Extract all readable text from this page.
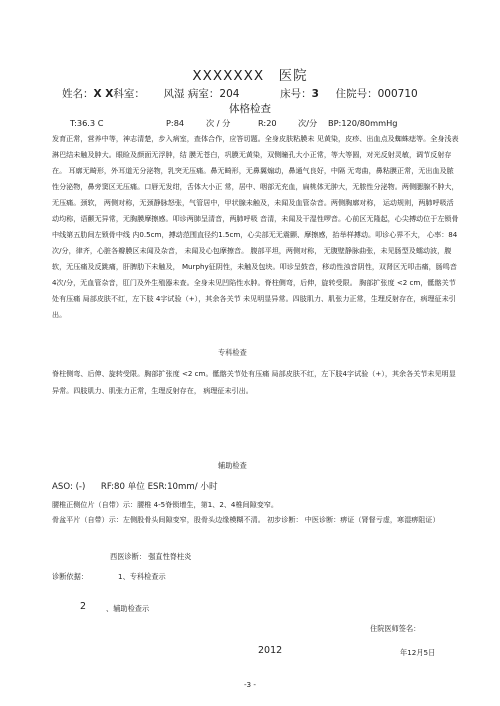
XXXXXXX　医院
姓名：X X科室： 风湿 病室：204	床号：3 住院号：000710
体格检查
T:36.3 C	P:84	次 / 分	R:20	次/分 BP:120/80mmHg

发育正常，营养中等，神志清楚，步入病室，查体合作，应答切题。全身皮肤粘膜未 见黄染，皮疹、出血点及蜘蛛痣等。全身浅表淋巴结未触及肿大。眼睑及颜面无浮肿，结 膜无苍白，巩膜无黄染，双侧瞳孔大小正常，等大等圆，对光反射灵敏，调节反射存在。 耳廓无畸形，外耳道无分泌物，乳突无压痛。鼻无畸形，无鼻翼煽动，鼻通气良好，中隔 无弯曲，鼻粘膜正常，无出血及脓性分泌物，鼻旁窦区无压痛。口唇无发绀，舌体大小正 常，居中、咽部无充血，扁桃体无肿大，无脓性分泌物。两侧腮腺不肿大，无压痛。颈软， 两侧对称，无颈静脉怒张，气管居中，甲状腺未触及，未闻及血管杂音。两侧胸廓对称， 运动规则，两肺呼吸活动均称，语颤无异常，无胸膜摩擦感。叩诊两肺呈清音，两肺呼吸 音清，未闻及干湿性啰音。心前区无隆起，心尖搏动位于左锁骨中线第五肋间左锁骨中线 内0.5cm，搏动范围直径约1.5cm，心尖部无无震颤、摩擦感，抬举样搏动。叩诊心界不大， 心率：84次/分，律齐，心脏各瓣膜区未闻及杂音， 未闻及心包摩擦音。 腹部平坦，两侧对称， 无腹壁静脉曲张，未见肠型及蠕动波，腹软，无压痛及反跳痛，肝脾肋下未触及， Murphy征阴性，未触及包块。叩诊呈鼓音，移动性浊音阴性，双肾区无叩击痛，肠鸣音 4次/分，无血管杂音，肛门及外生殖器未查。全身未见凹陷性水肿。脊柱侧弯，后伸，旋转受限。 胸部扩张度 <2 cm，骶髂关节处有压痛 局部皮肤不红，左下肢 4字试验（+），其余各关节 未见明显异常。四肢肌力、肌张力正常，生理反射存在，病理征未引出。

专科检查

脊柱侧弯、后伸、旋转受限。胸部扩张度 <2 cm。骶髂关节处有压痛 局部皮肤不红，左下肢4字试验（+），其余各关节未见明显异常。四肢肌力、肌张力正常，生理反射存在， 病理征未引出。

辅助检查
ASO: (-) RF:80 单位 ESR:10mm/ 小时

腰椎正侧位片（自带）示：腰椎 4-5脊锁增生，第1、2、4椎间隙变窄。

骨盆平片（自带）示：左侧股骨头间隙变窄，股骨头边缘模糊不清。 初步诊断： 中医诊断：痹证（肾督亏虚，寒湿痹阻证）

西医诊断： 强直性脊柱炎
诊断依据：	1、专科检查示
2	、辅助检查示
住院医师签名：
2012	年12月5日
-3 -
